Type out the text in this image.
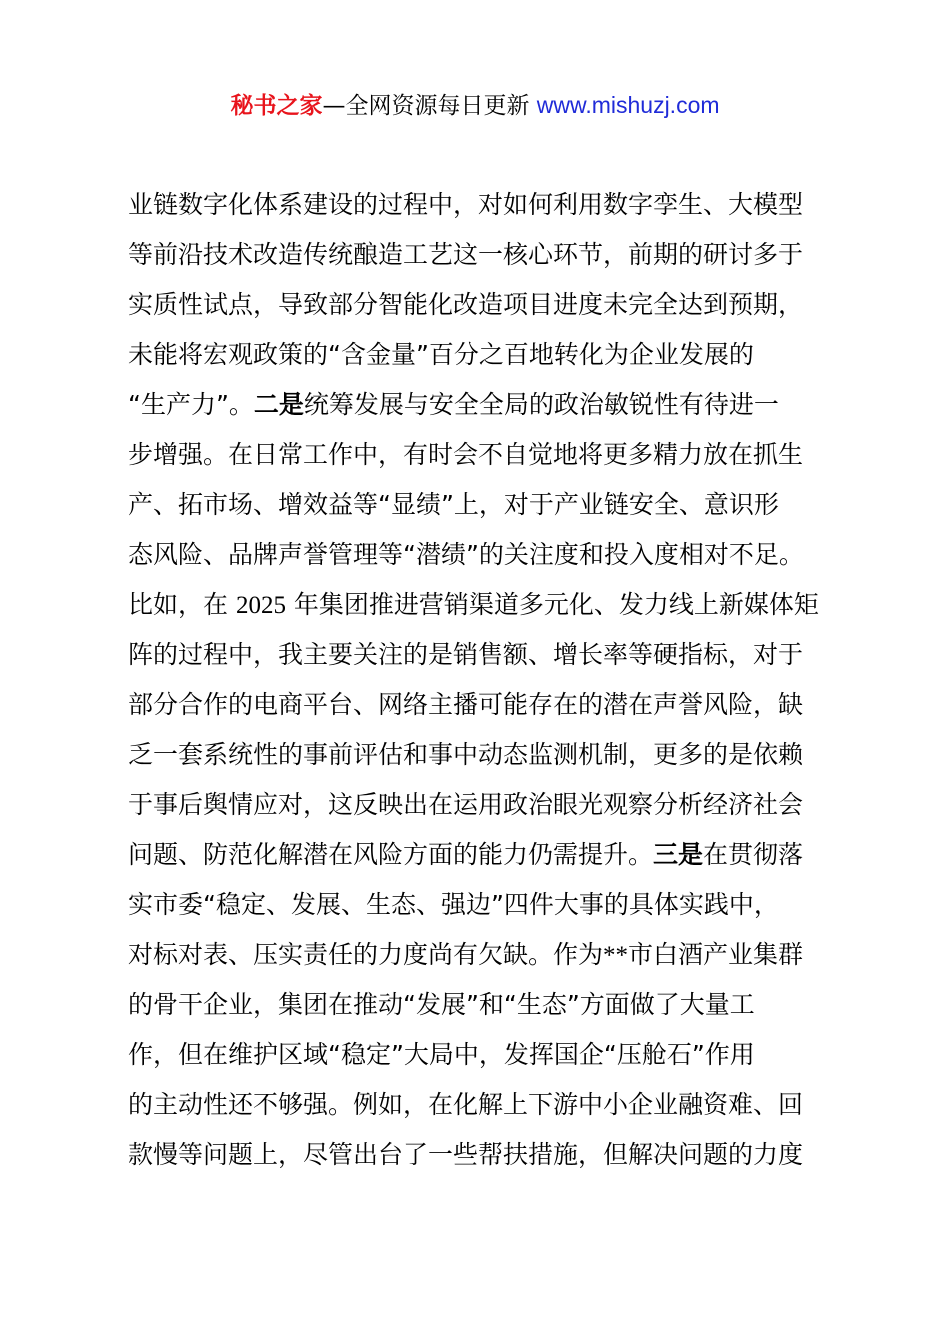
秘书之家—全网资源每日更新 www.mishuzj.com
业链数字化体系建设的过程中，对如何利用数字孪生、大模型
等前沿技术改造传统酿造工艺这一核心环节，前期的研讨多于
实质性试点，导致部分智能化改造项目进度未完全达到预期，
未能将宏观政策的“含金量”百分之百地转化为企业发展的
“生产力”。二是统筹发展与安全全局的政治敏锐性有待进一
步增强。在日常工作中，有时会不自觉地将更多精力放在抓生
产、拓市场、增效益等“显绩”上，对于产业链安全、意识形
态风险、品牌声誉管理等“潜绩”的关注度和投入度相对不足。
比如，在 2025 年集团推进营销渠道多元化、发力线上新媒体矩
阵的过程中，我主要关注的是销售额、增长率等硬指标，对于
部分合作的电商平台、网络主播可能存在的潜在声誉风险，缺
乏一套系统性的事前评估和事中动态监测机制，更多的是依赖
于事后舆情应对，这反映出在运用政治眼光观察分析经济社会
问题、防范化解潜在风险方面的能力仍需提升。三是在贯彻落
实市委“稳定、发展、生态、强边”四件大事的具体实践中，
对标对表、压实责任的力度尚有欠缺。作为**市白酒产业集群
的骨干企业，集团在推动“发展”和“生态”方面做了大量工
作，但在维护区域“稳定”大局中，发挥国企“压舱石”作用
的主动性还不够强。例如，在化解上下游中小企业融资难、回
款慢等问题上，尽管出台了一些帮扶措施，但解决问题的力度
